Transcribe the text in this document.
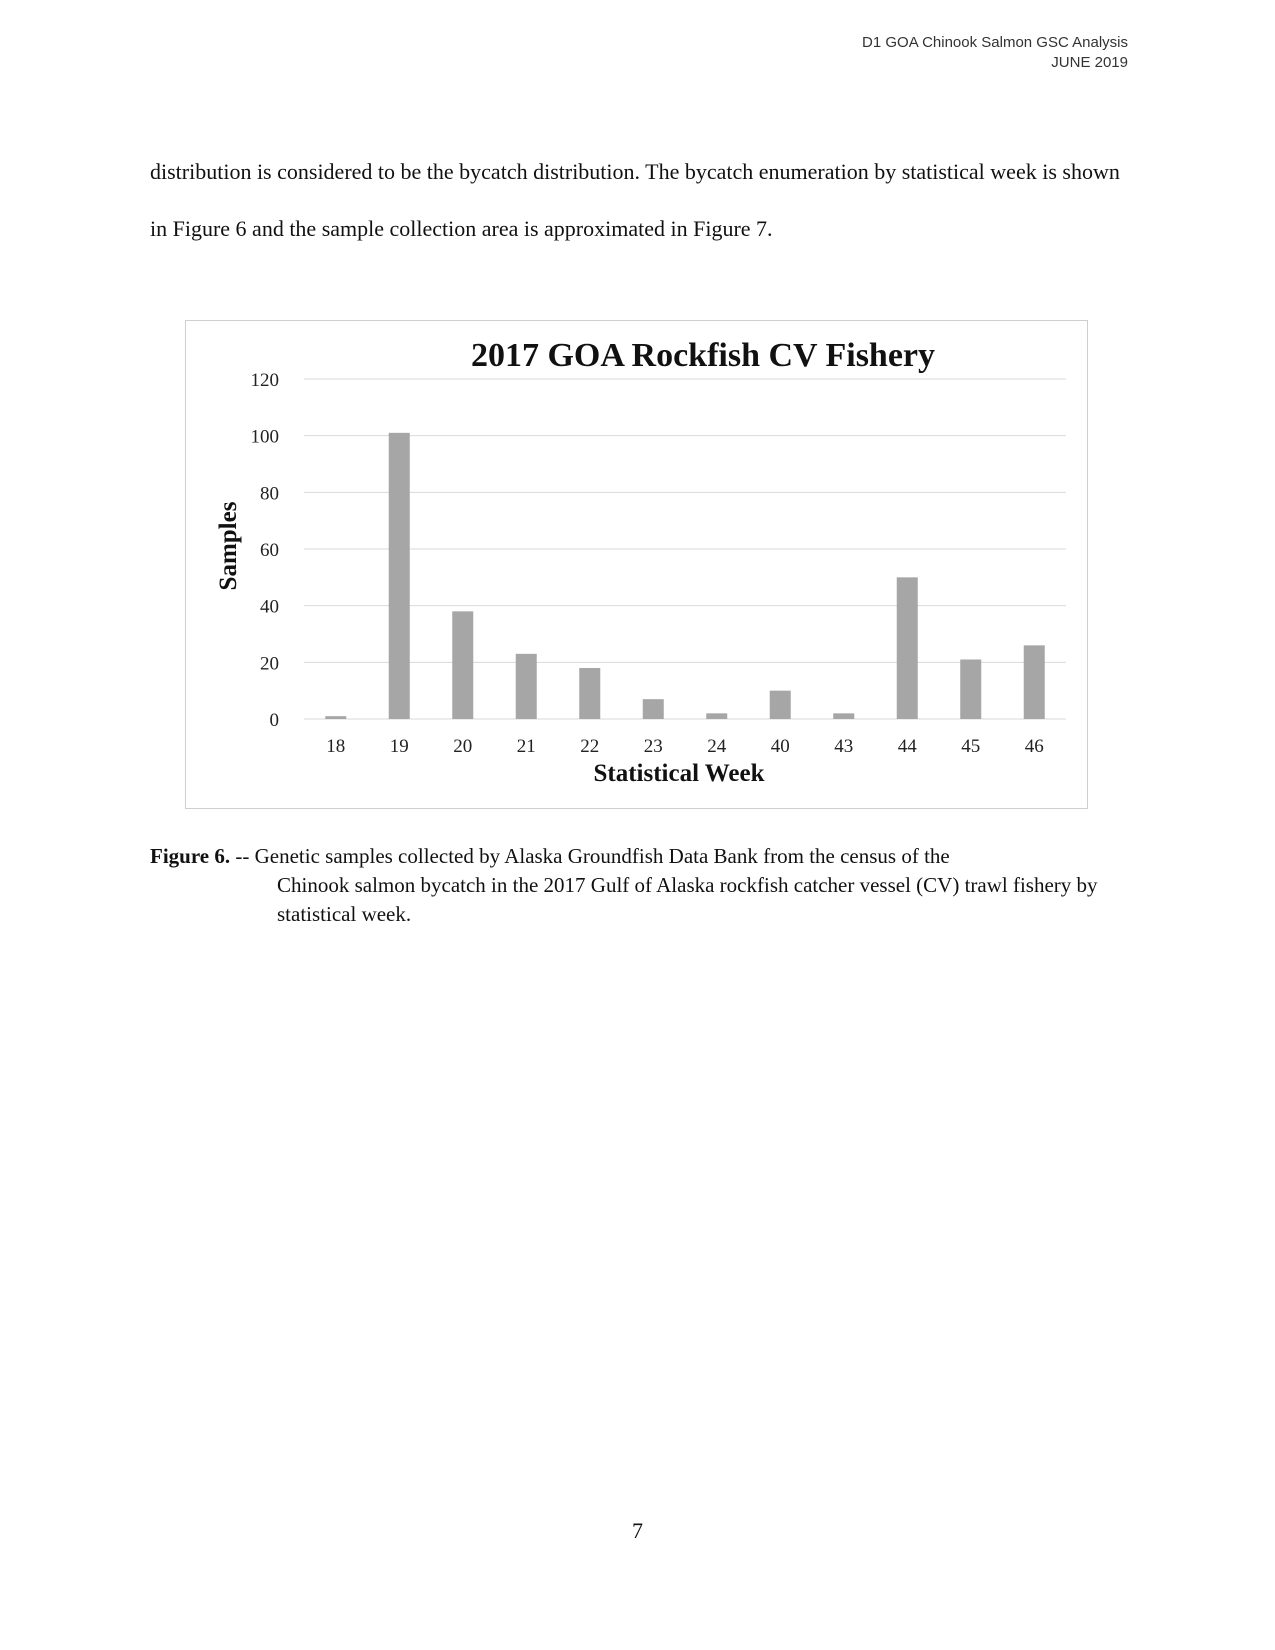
D1 GOA Chinook Salmon GSC Analysis
JUNE 2019

distribution is considered to be the bycatch distribution. The bycatch enumeration by statistical week is shown in Figure 6 and the sample collection area is approximated in Figure 7.

2017 GOA Rockfish CV Fishery
0
20
40
60
80
100
120
18 19 20 21 22 23 24 40 43 44 45 46
Statistical Week
Samples

Figure 6. -- Genetic samples collected by Alaska Groundfish Data Bank from the census of the
Chinook salmon bycatch in the 2017 Gulf of Alaska rockfish catcher vessel (CV) trawl fishery by statistical week.

7
